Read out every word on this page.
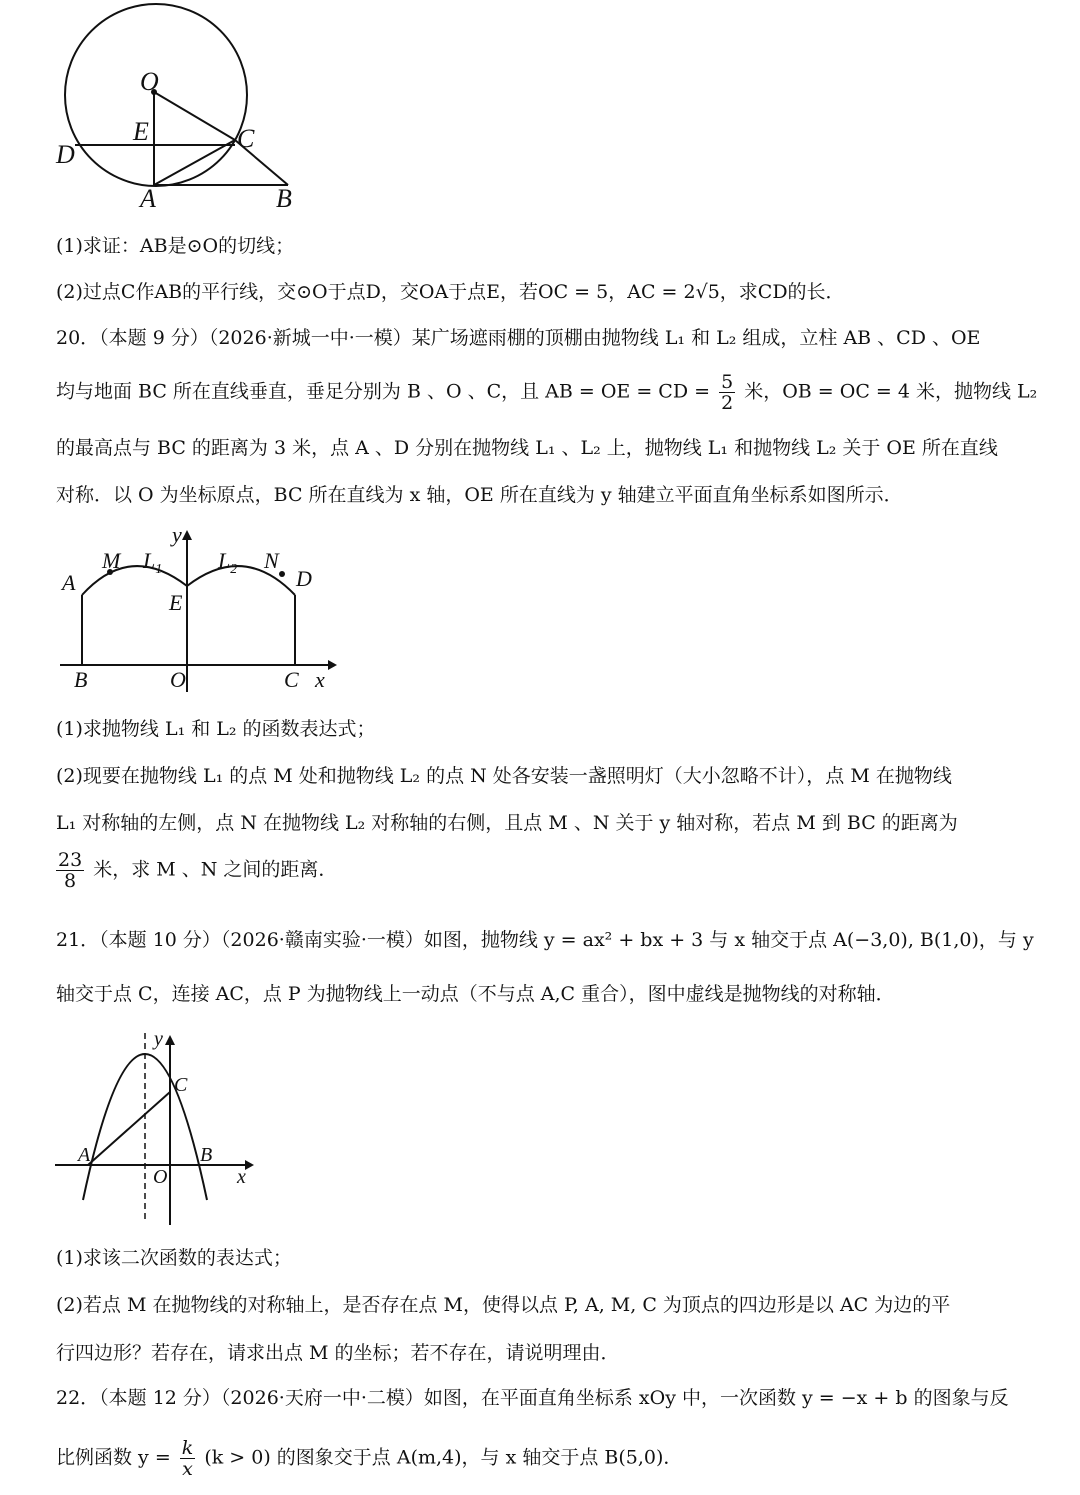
O
E	C
D
A	B
(1)求证：AB是⊙O的切线；
(2)过点C作AB的平行线，交⊙O于点D，交OA于点E，若OC = 5，AC = 2√5，求CD的长．
20．（本题 9 分）（2026·新城一中·一模）某广场遮雨棚的顶棚由抛物线 L₁ 和 L₂ 组成，立柱 AB 、CD 、OE
均与地面 BC 所在直线垂直，垂足分别为 B 、O 、C，且 AB = OE = CD = $\frac{5}{2}$ 米，OB = OC = 4 米，抛物线 L₂
的最高点与 BC 的距离为 3 米，点 A 、D 分别在抛物线 L₁ 、L₂ 上，抛物线 L₁ 和抛物线 L₂ 关于 OE 所在直线
对称．以 O 为坐标原点，BC 所在直线为 x 轴，OE 所在直线为 y 轴建立平面直角坐标系如图所示．
y
M $L_1$	$L_2$ N
A	D
E
B	O	C x
(1)求抛物线 L₁ 和 L₂ 的函数表达式；
(2)现要在抛物线 L₁ 的点 M 处和抛物线 L₂ 的点 N 处各安装一盏照明灯（大小忽略不计），点 M 在抛物线
L₁ 对称轴的左侧，点 N 在抛物线 L₂ 对称轴的右侧，且点 M 、N 关于 y 轴对称，若点 M 到 BC 的距离为
$\frac{23}{8}$ 米，求 M 、N 之间的距离．
21．（本题 10 分）（2026·赣南实验·一模）如图，抛物线 y = ax² + bx + 3 与 x 轴交于点 A(−3,0), B(1,0)，与 y
轴交于点 C，连接 AC，点 P 为抛物线上一动点（不与点 A,C 重合），图中虚线是抛物线的对称轴．
y
C
A	B
O	x
(1)求该二次函数的表达式；
(2)若点 M 在抛物线的对称轴上，是否存在点 M，使得以点 P, A, M, C 为顶点的四边形是以 AC 为边的平
行四边形？若存在，请求出点 M 的坐标；若不存在，请说明理由．
22．（本题 12 分）（2026·天府一中·二模）如图，在平面直角坐标系 xOy 中，一次函数 y = −x + b 的图象与反
比例函数 $y = \frac{k}{x} (k > 0)$ 的图象交于点 A(m,4)，与 x 轴交于点 B(5,0)．
